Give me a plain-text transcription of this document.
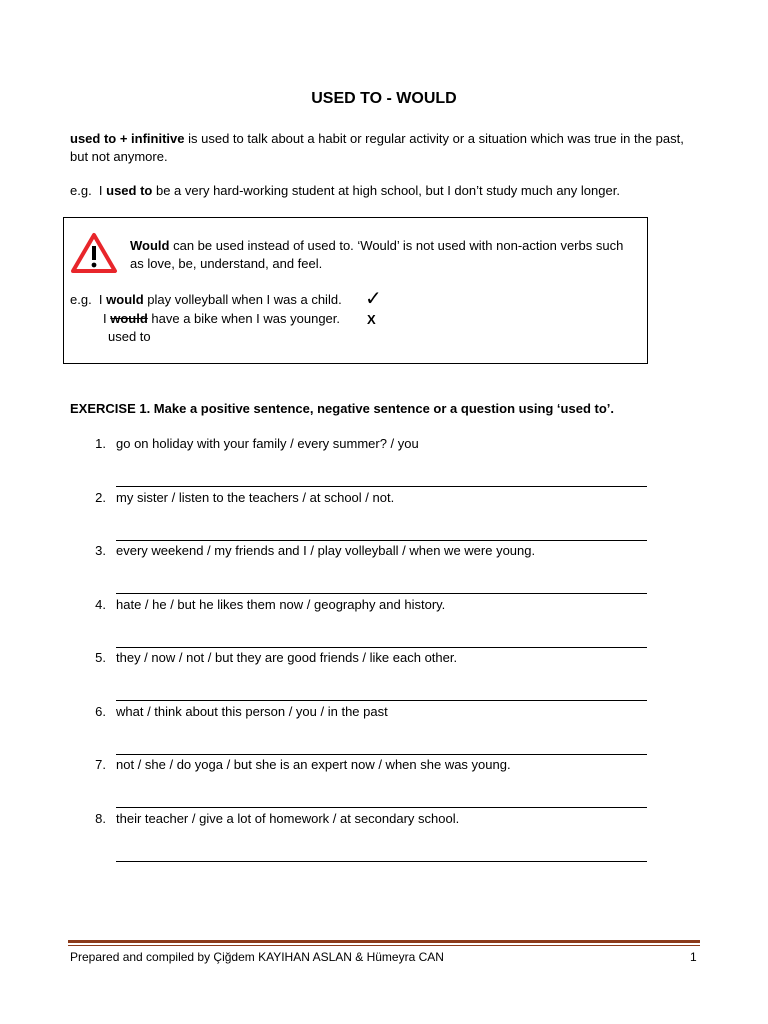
USED TO - WOULD
used to + infinitive is used to talk about a habit or regular activity or a situation which was true in the past, but not anymore.
e.g.  I used to be a very hard-working student at high school, but I don’t study much any longer.
Would can be used instead of used to. ‘Would’ is not used with non-action verbs such as love, be, understand, and feel.
e.g.  I would play volleyball when I was a child. ✓
I would have a bike when I was younger. X
used to
EXERCISE 1. Make a positive sentence, negative sentence or a question using ‘used to’.
1. go on holiday with your family / every summer? / you
2. my sister / listen to the teachers / at school / not.
3. every weekend / my friends and I / play volleyball / when we were young.
4. hate / he / but he likes them now / geography and history.
5. they / now / not / but they are good friends / like each other.
6. what / think about this person / you / in the past
7. not / she / do yoga / but she is an expert now / when she was young.
8. their teacher / give a lot of homework / at secondary school.
Prepared and compiled by Çiğdem KAYIHAN ASLAN & Hümeyra CAN	1
